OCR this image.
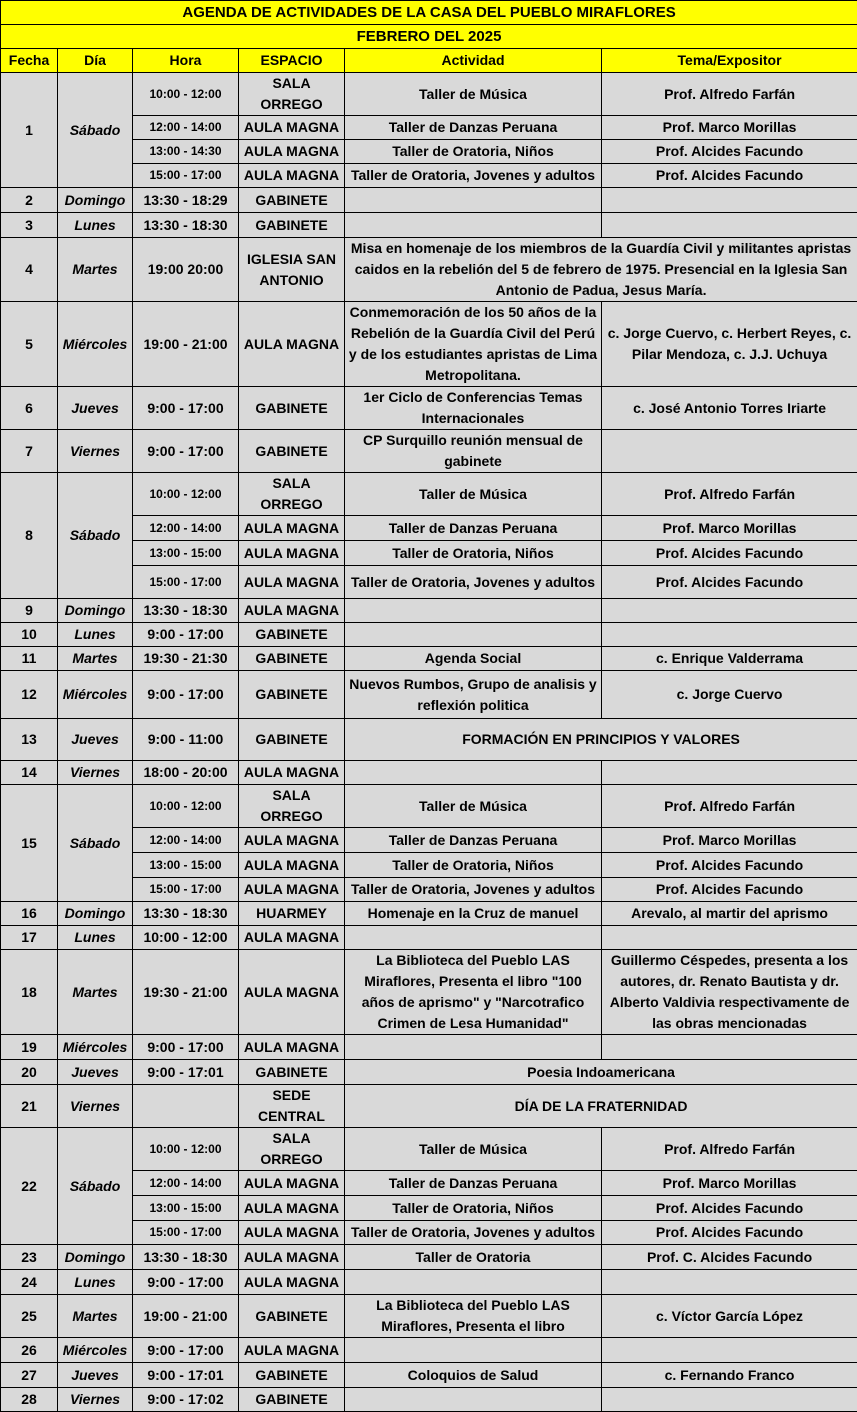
AGENDA DE ACTIVIDADES DE LA CASA DEL PUEBLO MIRAFLORES					
FEBRERO DEL 2025					
Fecha	Día	Hora	ESPACIO	Actividad	Tema/Expositor
1	Sábado	10:00 - 12:00	SALA ORREGO	Taller de Música	Prof. Alfredo Farfán
		12:00 - 14:00	AULA MAGNA	Taller de Danzas Peruana	Prof. Marco Morillas
		13:00 - 14:30	AULA MAGNA	Taller de Oratoria, Niños	Prof. Alcides Facundo
		15:00 - 17:00	AULA MAGNA	Taller de Oratoria, Jovenes y adultos	Prof. Alcides Facundo
2	Domingo	13:30 - 18:29	GABINETE		
3	Lunes	13:30 - 18:30	GABINETE		
4	Martes	19:00 20:00	IGLESIA SAN ANTONIO	Misa en homenaje de los miembros de la Guardía Civil y militantes apristas caidos en la rebelión del 5 de febrero de 1975. Presencial en la Iglesia San Antonio de Padua, Jesus María.	
5	Miércoles	19:00 - 21:00	AULA MAGNA	Conmemoración de los 50 años de la Rebelión de la Guardía Civil del Perú y de los estudiantes apristas de Lima Metropolitana.	c. Jorge Cuervo, c. Herbert Reyes, c. Pilar Mendoza, c. J.J. Uchuya
6	Jueves	9:00 - 17:00	GABINETE	1er Ciclo de Conferencias Temas Internacionales	c. José Antonio Torres Iriarte
7	Viernes	9:00 - 17:00	GABINETE	CP Surquillo reunión mensual de gabinete	
8	Sábado	10:00 - 12:00	SALA ORREGO	Taller de Música	Prof. Alfredo Farfán
		12:00 - 14:00	AULA MAGNA	Taller de Danzas Peruana	Prof. Marco Morillas
		13:00 - 15:00	AULA MAGNA	Taller de Oratoria, Niños	Prof. Alcides Facundo
		15:00 - 17:00	AULA MAGNA	Taller de Oratoria, Jovenes y adultos	Prof. Alcides Facundo
9	Domingo	13:30 - 18:30	AULA MAGNA		
10	Lunes	9:00 - 17:00	GABINETE		
11	Martes	19:30 - 21:30	GABINETE	Agenda Social	c. Enrique Valderrama
12	Miércoles	9:00 - 17:00	GABINETE	Nuevos Rumbos, Grupo de analisis y reflexión politica	c. Jorge Cuervo
13	Jueves	9:00 - 11:00	GABINETE	FORMACIÓN EN PRINCIPIOS Y VALORES	
14	Viernes	18:00 - 20:00	AULA MAGNA		
15	Sábado	10:00 - 12:00	SALA ORREGO	Taller de Música	Prof. Alfredo Farfán
		12:00 - 14:00	AULA MAGNA	Taller de Danzas Peruana	Prof. Marco Morillas
		13:00 - 15:00	AULA MAGNA	Taller de Oratoria, Niños	Prof. Alcides Facundo
		15:00 - 17:00	AULA MAGNA	Taller de Oratoria, Jovenes y adultos	Prof. Alcides Facundo
16	Domingo	13:30 - 18:30	HUARMEY	Homenaje en la Cruz de manuel	Arevalo, al martir del aprismo
17	Lunes	10:00 - 12:00	AULA MAGNA		
18	Martes	19:30 - 21:00	AULA MAGNA	La Biblioteca del Pueblo LAS Miraflores, Presenta el libro "100 años de aprismo" y "Narcotrafico Crimen de Lesa Humanidad"	Guillermo Céspedes, presenta a los autores, dr. Renato Bautista y dr. Alberto Valdivia respectivamente de las obras mencionadas
19	Miércoles	9:00 - 17:00	AULA MAGNA		
20	Jueves	9:00 - 17:01	GABINETE	Poesia Indoamericana	
21	Viernes		SEDE CENTRAL	DÍA DE LA FRATERNIDAD	
22	Sábado	10:00 - 12:00	SALA ORREGO	Taller de Música	Prof. Alfredo Farfán
		12:00 - 14:00	AULA MAGNA	Taller de Danzas Peruana	Prof. Marco Morillas
		13:00 - 15:00	AULA MAGNA	Taller de Oratoria, Niños	Prof. Alcides Facundo
		15:00 - 17:00	AULA MAGNA	Taller de Oratoria, Jovenes y adultos	Prof. Alcides Facundo
23	Domingo	13:30 - 18:30	AULA MAGNA	Taller de Oratoria	Prof. C. Alcides Facundo
24	Lunes	9:00 - 17:00	AULA MAGNA		
25	Martes	19:00 - 21:00	GABINETE	La Biblioteca del Pueblo LAS Miraflores, Presenta el libro	c. Víctor García López
26	Miércoles	9:00 - 17:00	AULA MAGNA		
27	Jueves	9:00 - 17:01	GABINETE	Coloquios de Salud	c. Fernando Franco
28	Viernes	9:00 - 17:02	GABINETE		
